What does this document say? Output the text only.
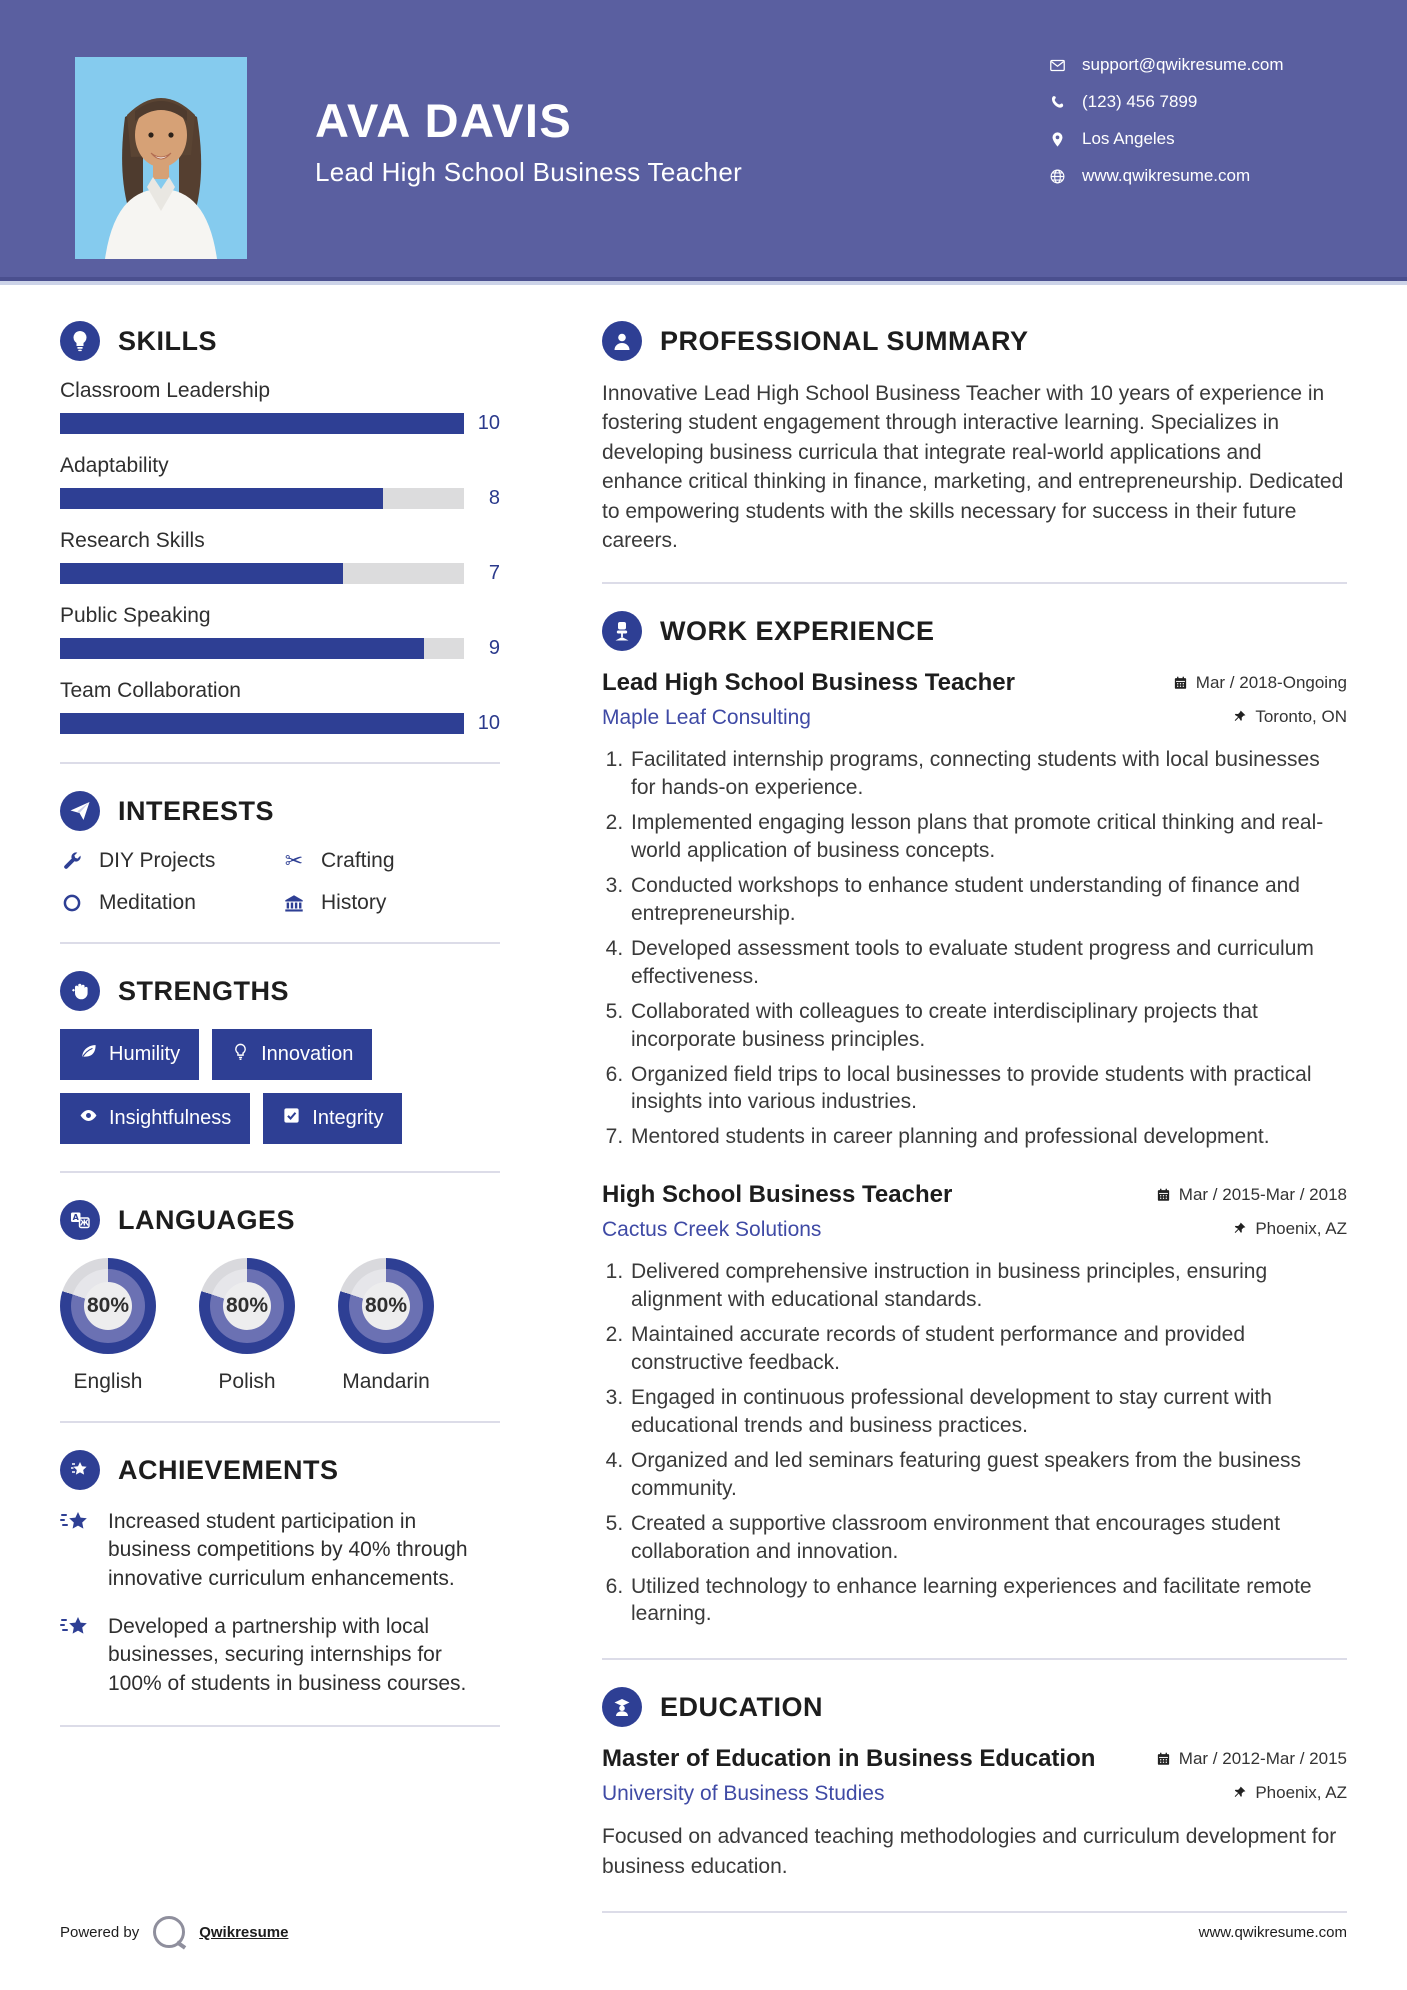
AVA DAVIS
Lead High School Business Teacher
support@qwikresume.com
(123) 456 7899
Los Angeles
www.qwikresume.com
SKILLS
Classroom Leadership
10
Adaptability
8
Research Skills
7
Public Speaking
9
Team Collaboration
10
INTERESTS
DIY Projects	✂ Crafting
Meditation	History
STRENGTHS
Humility	Innovation
Insightfulness	Integrity
A
Ж LANGUAGES
80%
English
80%
Polish
80%
Mandarin
ACHIEVEMENTS
Increased student participation in business competitions by 40% through innovative curriculum enhancements.
Developed a partnership with local businesses, securing internships for 100% of students in business courses.
PROFESSIONAL SUMMARY

Innovative Lead High School Business Teacher with 10 years of experience in fostering student engagement through interactive learning. Specializes in developing business curricula that integrate real-world applications and enhance critical thinking in finance, marketing, and entrepreneurship. Dedicated to empowering students with the skills necessary for success in their future careers.

WORK EXPERIENCE
Lead High School Business Teacher	Mar / 2018-Ongoing
Maple Leaf Consulting	Toronto, ON
1. Facilitated internship programs, connecting students with local businesses for hands-on experience.
2. Implemented engaging lesson plans that promote critical thinking and real-world application of business concepts.
3. Conducted workshops to enhance student understanding of finance and entrepreneurship.
4. Developed assessment tools to evaluate student progress and curriculum effectiveness.
5. Collaborated with colleagues to create interdisciplinary projects that incorporate business principles.
6. Organized field trips to local businesses to provide students with practical insights into various industries.
7. Mentored students in career planning and professional development.
High School Business Teacher	Mar / 2015-Mar / 2018
Cactus Creek Solutions	Phoenix, AZ
1. Delivered comprehensive instruction in business principles, ensuring alignment with educational standards.
2. Maintained accurate records of student performance and provided constructive feedback.
3. Engaged in continuous professional development to stay current with educational trends and business practices.
4. Organized and led seminars featuring guest speakers from the business community.
5. Created a supportive classroom environment that encourages student collaboration and innovation.
6. Utilized technology to enhance learning experiences and facilitate remote learning.
EDUCATION
Master of Education in Business Education	Mar / 2012-Mar / 2015
University of Business Studies	Phoenix, AZ

Focused on advanced teaching methodologies and curriculum development for business education.

Powered by	Qwikresume	www.qwikresume.com
